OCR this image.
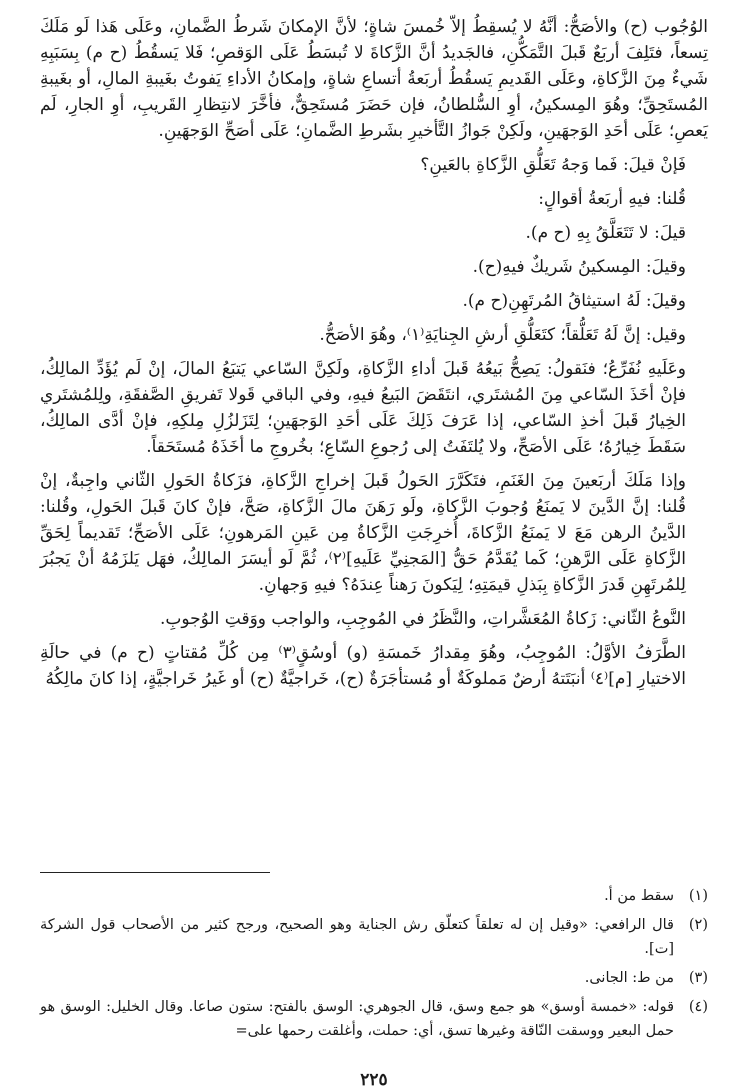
الوُجُوب (ح) والأصَحُّ: أنَّهُ لا يُسقِطُ إلاّ خُمسَ شاةٍ؛ لأنَّ الإمكانَ شَرطُ الضَّمانِ، وعَلَى هَذا لَو مَلَكَ تِسعاً، فتَلِفَ أربَعٌ قَبلَ التَّمَكُّنِ، فالجَديدُ أنَّ الزَّكاةَ لا تُبسَطُ عَلَى الوَقصِ؛ فَلا يَسقُطُ (ح م) بِسَبَبِهِ شَيءٌ مِنَ الزَّكاةِ، وعَلَى القَديمِ يَسقُطُ أربَعةُ أتساعِ شاةٍ، وإمكانُ الأداءِ يَفوتُ بغَيبةِ المالِ، أو بغَيبةِ المُستَحِقِّ؛ وهُوَ المِسكينُ، أوِ السُّلطانُ، فإن حَضَرَ مُستَحِقٌّ، فأخَّرَ لانتِظارِ القَريبِ، أوِ الجارِ، لَم يَعصِ؛ عَلَى أحَدِ الوَجهَينِ، ولَكِنْ جَوازُ التَّأخيرِ بشَرطِ الضَّمانِ؛ عَلَى أصَحِّ الوَجهَينِ.

فَإنْ قيلَ: فَما وَجهُ تَعَلُّقِ الزَّكاةِ بالعَينِ؟

قُلنا: فيهِ أربَعةُ أقوالٍ:

قيلَ: لا تَتَعَلَّقُ بِهِ (ح م).

وقيلَ: المِسكينُ شَريكٌ فيهِ(ح).

وقيلَ: لَهُ استيثاقُ المُرتَهِنِ(ح م).

وقيل: إنَّ لَهُ تَعَلُّقاً؛ كتَعَلُّقِ أرشِ الجِنايَةِ⁽١⁾، وهُوَ الأصَحُّ.

وعَلَيهِ نُفَرِّعُ؛ فنَقولُ: يَصِحُّ بَيعُهُ قَبلَ أداءِ الزَّكاةِ، ولَكِنَّ السّاعي يَتبَعُ المالَ، إنْ لَم يُؤَدِّ المالِكُ، فإنْ أخَذَ السّاعي مِنَ المُشتَري، انتَقَضَ البَيعُ فيهِ، وفي الباقي قَولا تَفريقِ الصَّفقَةِ، ولِلمُشتَري الخِيارُ قَبلَ أخذِ السّاعي، إذا عَرَفَ ذَلِكَ عَلَى أحَدِ الوَجهَينِ؛ لِتَزَلزُلِ مِلكِهِ، فإنْ أدَّى المالِكُ، سَقَطَ خِيارُهُ؛ عَلَى الأصَحِّ، ولا يُلتَفَتُ إلى رُجوعِ السّاعِ؛ بخُروجِ ما أخَذَهُ مُستَحَقاً.

وإذا مَلَكَ أربَعينَ مِنَ الغَنَمِ، فتَكَرَّرَ الحَولُ قَبلَ إخراجِ الزَّكاةِ، فزَكاةُ الحَولِ الثّاني واجِبةٌ، إنْ قُلنا: إنَّ الدَّينَ لا يَمنَعُ وُجوبَ الزَّكاةِ، ولَو رَهَنَ مالَ الزَّكاةِ، صَحَّ، فإنْ كانَ قَبلَ الحَولِ، وقُلنا: الدَّينُ الرهن مَعَ لا يَمنَعُ الزَّكاةَ، أُخرِجَتِ الزَّكاةُ مِن عَينِ المَرهونِ؛ عَلَى الأصَحِّ؛ تَقديماً لِحَقِّ الزَّكاةِ عَلَى الرَّهنِ؛ كَما يُقَدَّمُ حَقُّ [المَجنِيِّ عَلَيهِ]⁽٢⁾، ثُمَّ لَو أيسَرَ المالِكُ، فهَل يَلزَمُهُ أنْ يَجبُرَ لِلمُرتَهِنِ قَدرَ الزَّكاةِ بِبَذلِ قيمَتِهِ؛ لِيَكونَ رَهناً عِندَهُ؟ فيهِ وَجهانِ.

النَّوعُ الثّاني: زَكاةُ المُعَشَّراتِ، والنَّظَرُ في المُوجِبِ، والواجب ووَقتِ الوُجوبِ.

الطَّرَفُ الأوَّلُ: المُوجِبُ، وهُوَ مِقدارُ خَمسَةِ (و) أوسُقٍ⁽٣⁾ مِن كُلِّ مُقتاتٍ (ح م) في حالَةِ الاختيارِ [م]⁽٤⁾ أنبَتَتهُ أرضٌ مَملوكَةٌ أو مُستأجَرَةٌ (ح)، خَراجيَّةٌ (ح) أو غَيرُ خَراجيَّةٍ، إذا كانَ مالِكُهُ

(١)
سقط من أ.
(٢)
قال الرافعي: «وقيل إن له تعلقاً كتعلّق رش الجناية وهو الصحيح، ورجح كثير من الأصحاب قول الشركة [ت].
(٣)
من ط: الجانى.
(٤)
قوله: «خمسة أوسق» هو جمع وسق، قال الجوهري: الوسق بالفتح: ستون صاعا. وقال الخليل: الوسق هو حمل البعير ووسقت النّاقة وغيرها تسق، أي: حملت، وأغلقت رحمها على=
٢٢٥
